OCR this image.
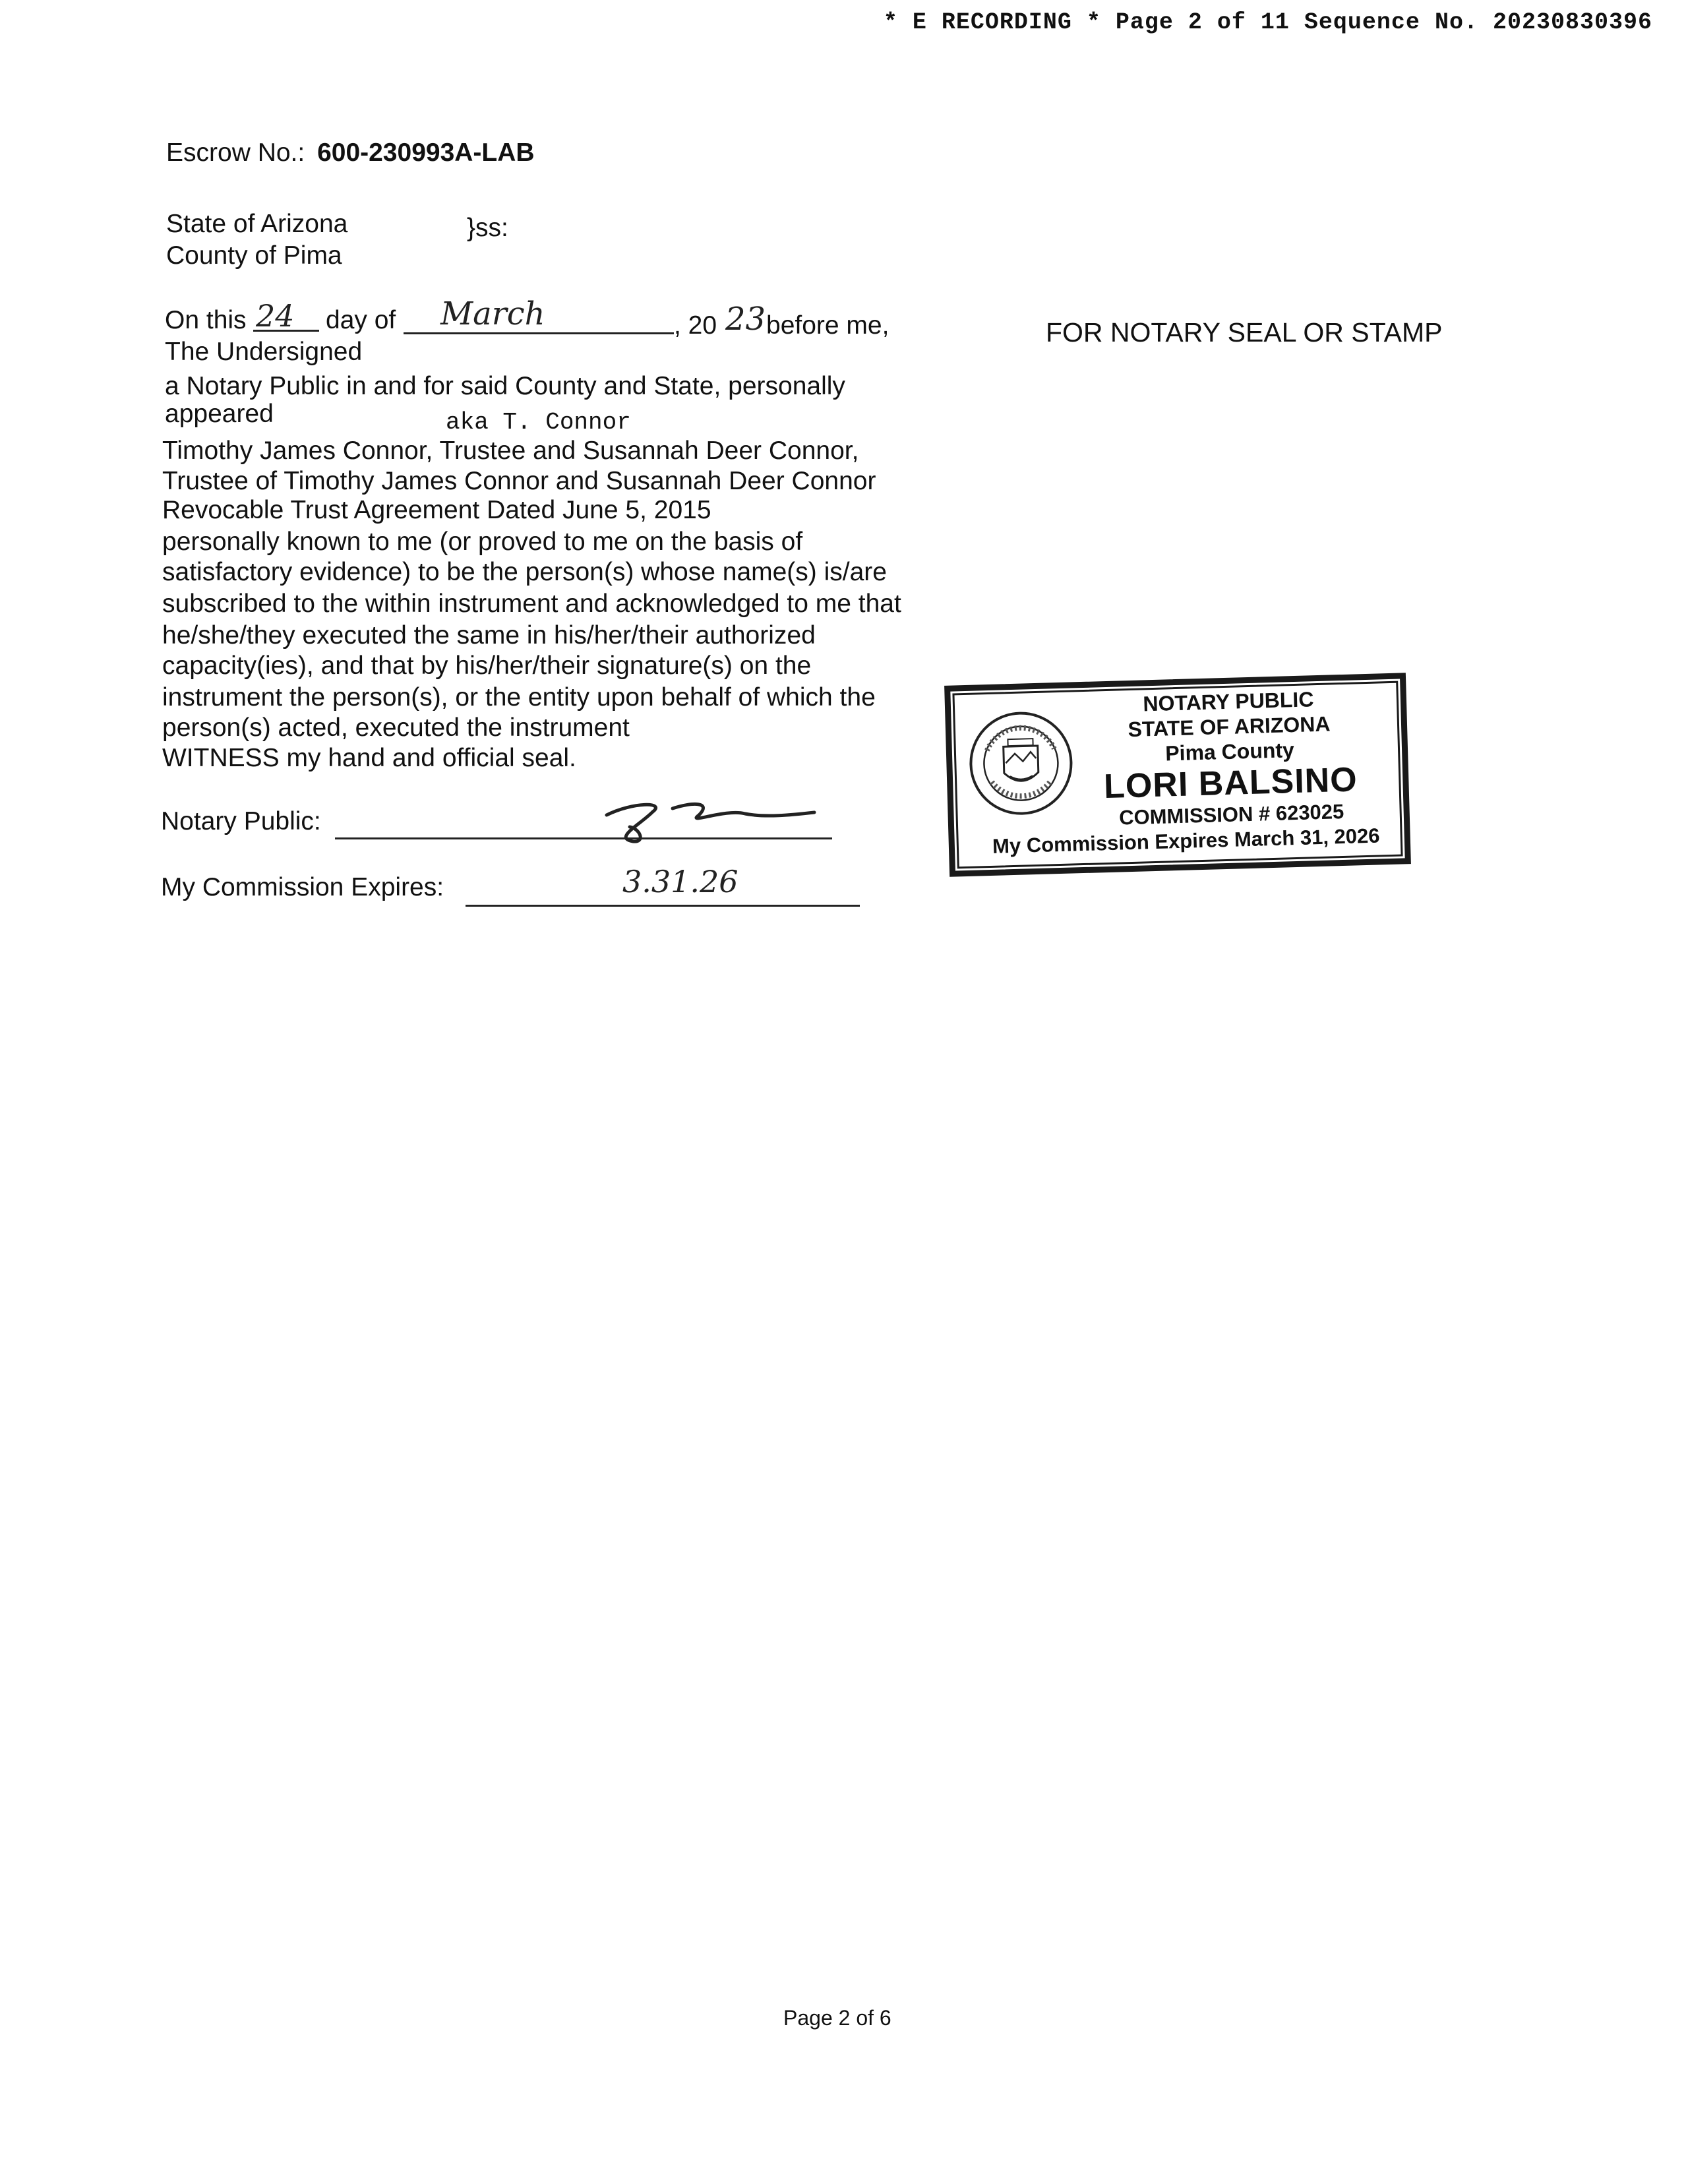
* E RECORDING * Page 2 of 11 Sequence No. 20230830396
Escrow No.: 600-230993A-LAB
State of Arizona	}ss:
County of Pima
On this 24 day of March	, 20 23 before me,
The Undersigned
a Notary Public in and for said County and State, personally
appeared	aka T. Connor
Timothy James Connor, Trustee and Susannah Deer Connor,
Trustee of Timothy James Connor and Susannah Deer Connor
Revocable Trust Agreement Dated June 5, 2015
personally known to me (or proved to me on the basis of
satisfactory evidence) to be the person(s) whose name(s) is/are
subscribed to the within instrument and acknowledged to me that
he/she/they executed the same in his/her/their authorized
capacity(ies), and that by his/her/their signature(s) on the
instrument the person(s), or the entity upon behalf of which the
person(s) acted, executed the instrument
WITNESS my hand and official seal.
Notary Public:
My Commission Expires:	3.31.26
FOR NOTARY SEAL OR STAMP
NOTARY PUBLIC
STATE OF ARIZONA
Pima County
LORI BALSINO
COMMISSION # 623025
My Commission Expires March 31, 2026
Page 2 of 6
